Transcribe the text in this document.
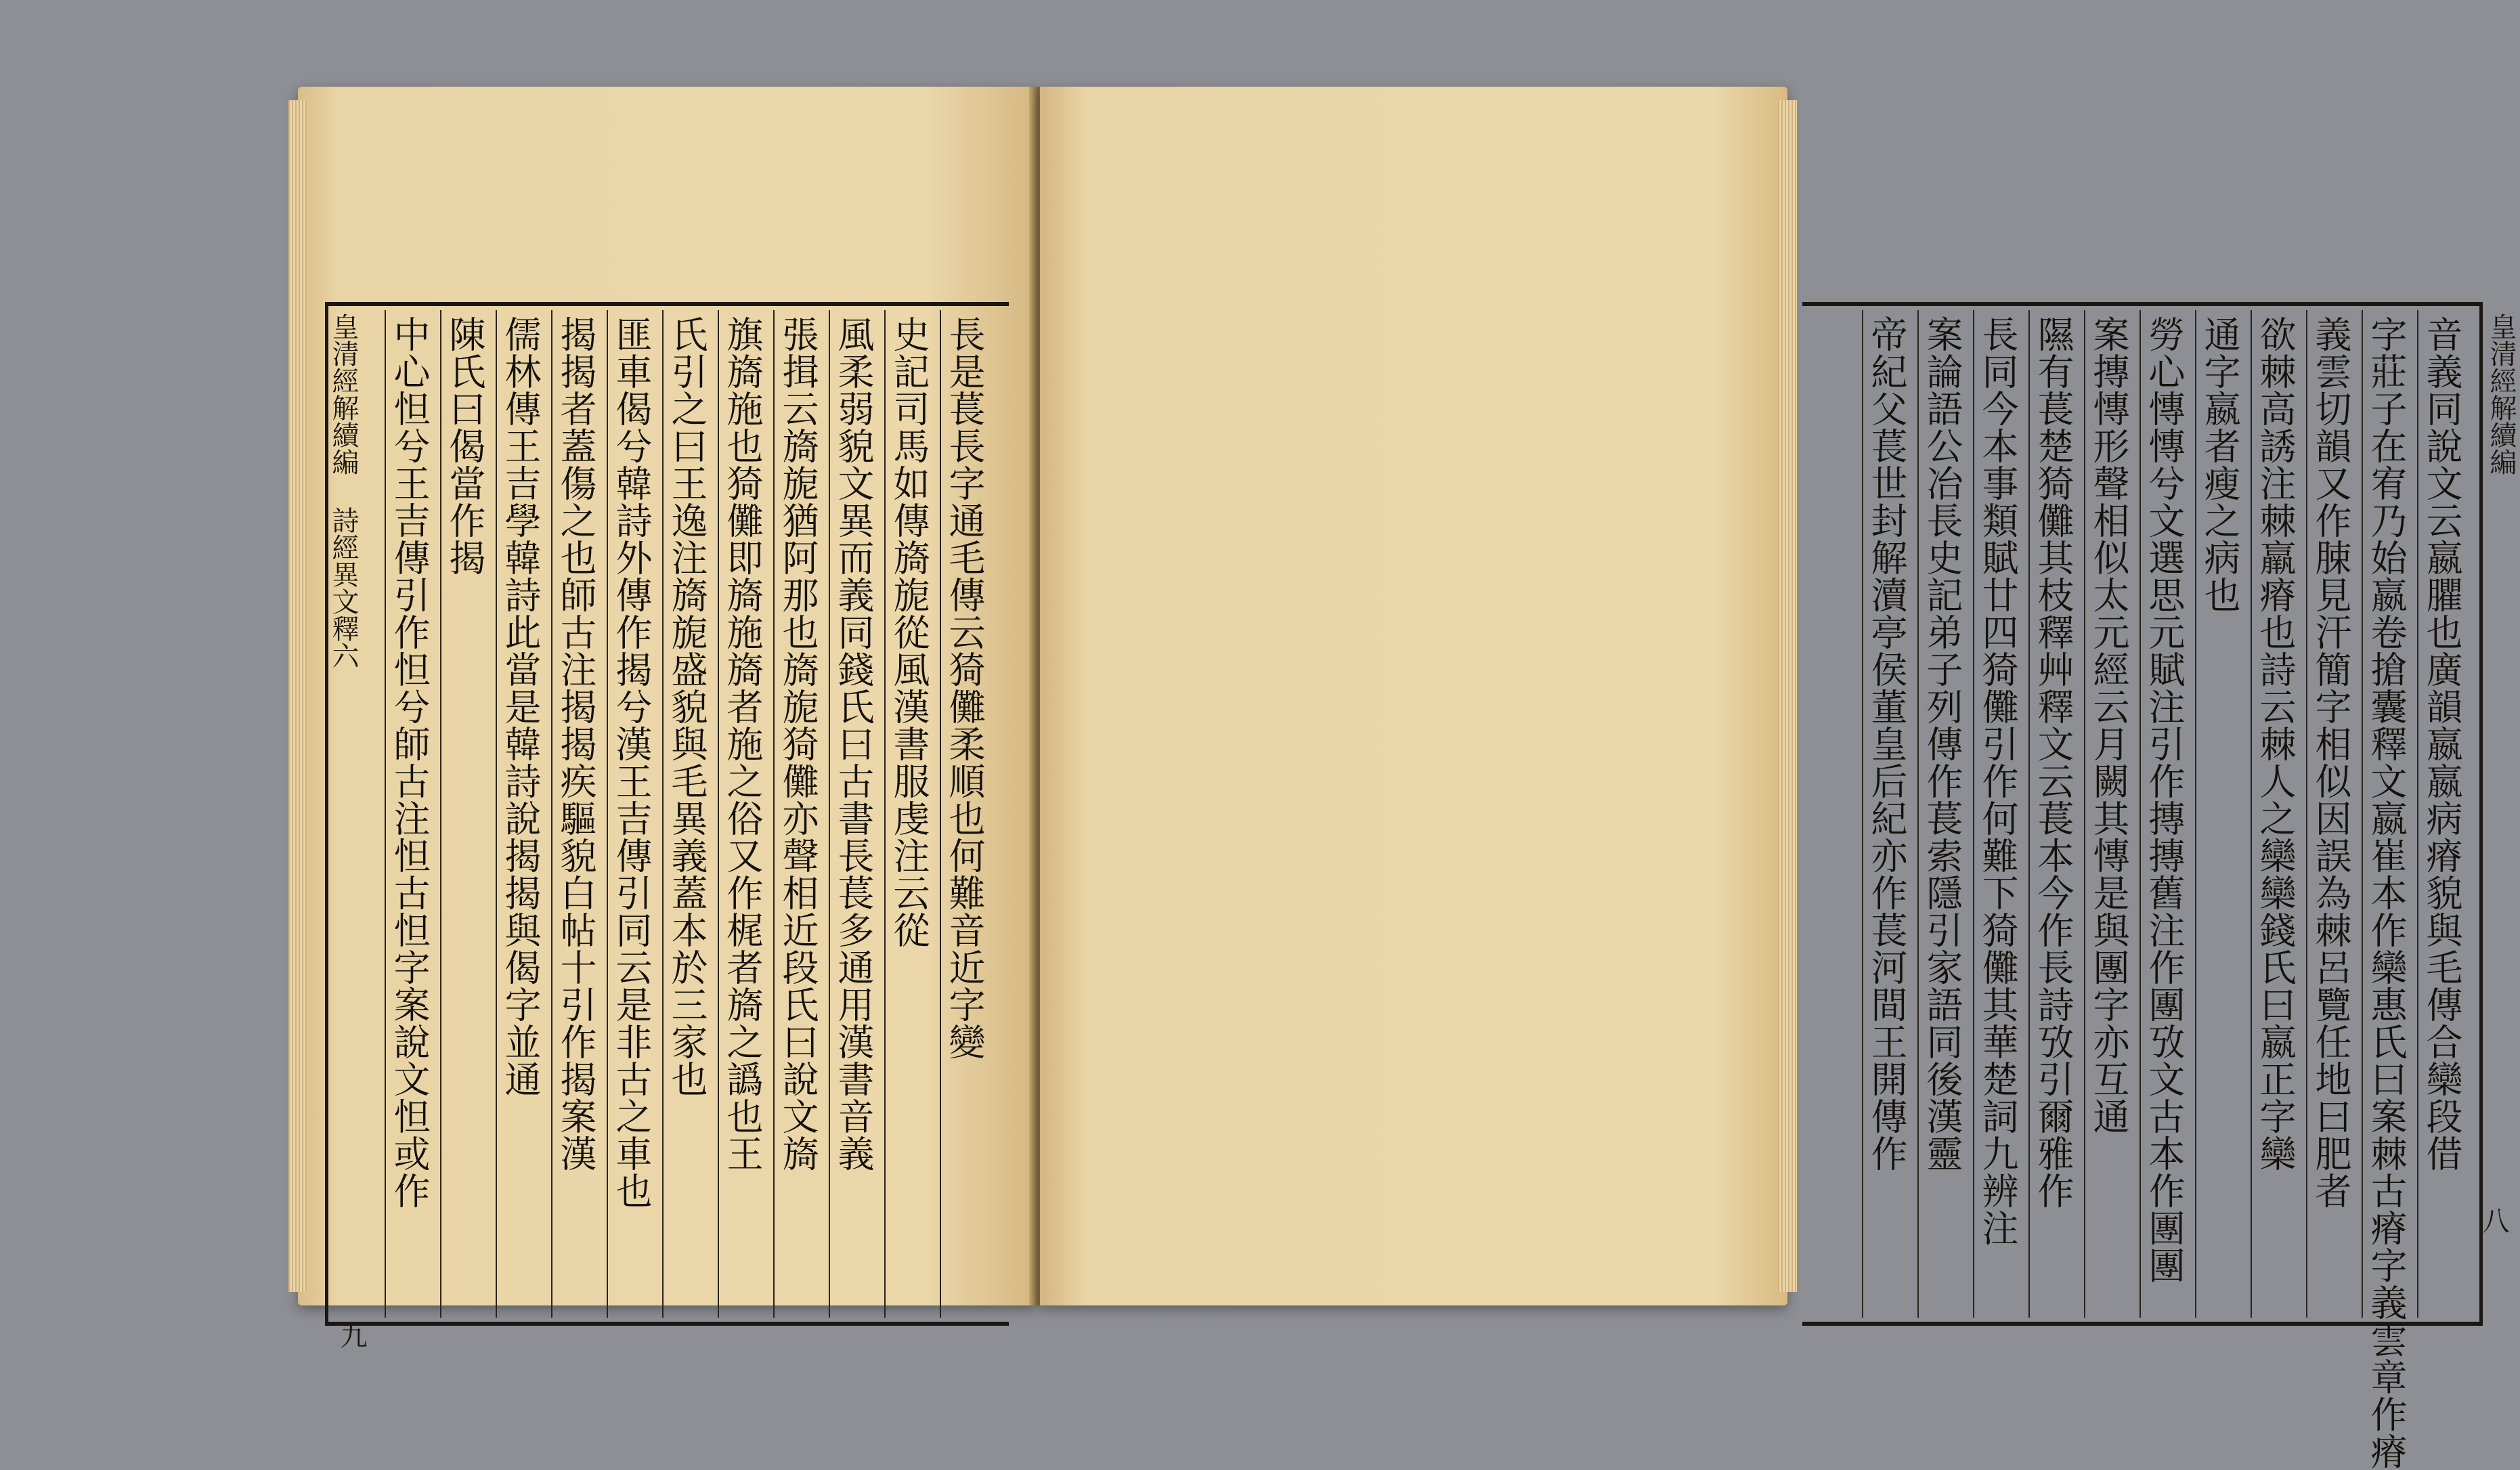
長是萇長字通毛傳云猗儺柔順也何難音近字變
史記司馬如傳旖旎從風漢書服虔注云從
風柔弱貌文異而義同錢氏曰古書長萇多通用漢書音義
張揖云旖旎猶阿那也旖旎猗儺亦聲相近段氏曰說文旖
旗旖施也猗儺即旖施旖者施之俗又作梶者旖之譌也王
氏引之曰王逸注旖旎盛貌與毛異義蓋本於三家也
匪車偈兮韓詩外傳作揭兮漢王吉傳引同云是非古之車也
揭揭者蓋傷之也師古注揭揭疾驅貌白帖十引作揭案漢
儒林傳王吉學韓詩此當是韓詩說揭揭與偈字並通
陳氏曰偈當作揭
中心怛兮王吉傳引作怛兮師古注怛古怛字案說文怛或作
皇清經解續編 詩經異文釋六
九
音義同說文云嬴臞也廣韻嬴嬴病瘠貌與毛傳合欒段借
字莊子在宥乃始嬴卷搶囊釋文嬴崔本作欒惠氏曰案棘古瘠字義雲章作瘠
義雲切韻又作脨見汗簡字相似因誤為棘呂覽任地曰肥者
欲棘高誘注棘羸瘠也詩云棘人之欒欒錢氏曰嬴正字欒
通字嬴者瘦之病也
勞心慱慱兮文選思元賦注引作摶摶舊注作團攷文古本作團團
案摶慱形聲相似太元經云月闕其慱是與團字亦互通
隰有萇楚猗儺其枝釋艸釋文云萇本今作長詩攷引爾雅作
長同今本事類賦廿四猗儺引作何難下猗儺其華楚詞九辨注
案論語公冶長史記弟子列傳作萇索隱引家語同後漢靈
帝紀父萇世封解瀆亭侯董皇后紀亦作萇河間王開傳作	皇清經解續編
八
